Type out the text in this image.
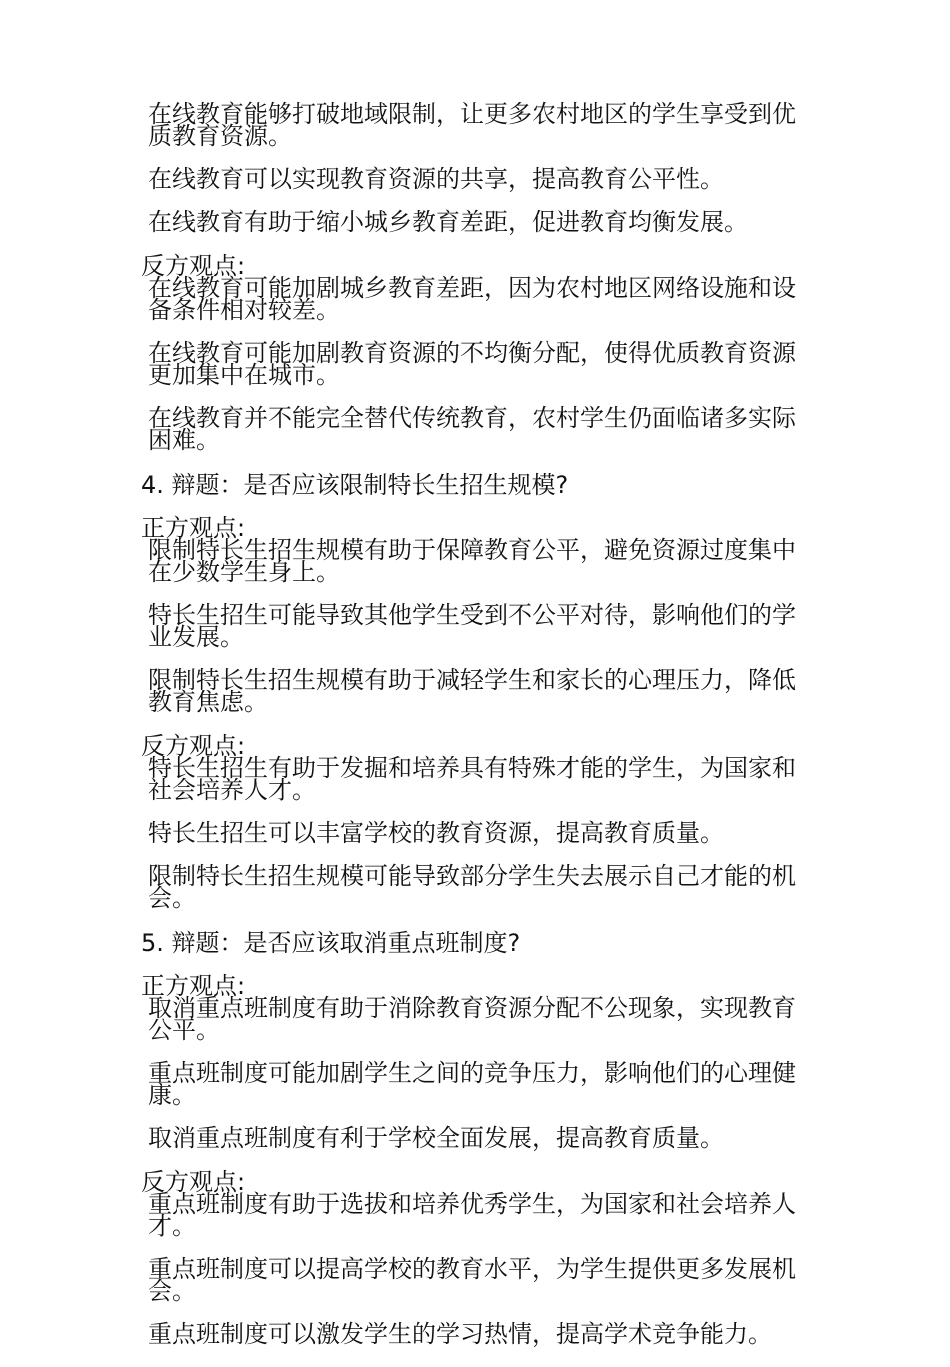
在线教育能够打破地域限制，让更多农村地区的学生享受到优质教育资源。
在线教育可以实现教育资源的共享，提高教育公平性。
在线教育有助于缩小城乡教育差距，促进教育均衡发展。
反方观点:
在线教育可能加剧城乡教育差距，因为农村地区网络设施和设备条件相对较差。
在线教育可能加剧教育资源的不均衡分配，使得优质教育资源更加集中在城市。
在线教育并不能完全替代传统教育，农村学生仍面临诸多实际困难。
4. 辩题：是否应该限制特长生招生规模?
正方观点:
限制特长生招生规模有助于保障教育公平，避免资源过度集中在少数学生身上。
特长生招生可能导致其他学生受到不公平对待，影响他们的学业发展。
限制特长生招生规模有助于减轻学生和家长的心理压力，降低教育焦虑。
反方观点:
特长生招生有助于发掘和培养具有特殊才能的学生，为国家和社会培养人才。
特长生招生可以丰富学校的教育资源，提高教育质量。
限制特长生招生规模可能导致部分学生失去展示自己才能的机会。
5. 辩题：是否应该取消重点班制度?
正方观点:
取消重点班制度有助于消除教育资源分配不公现象，实现教育公平。
重点班制度可能加剧学生之间的竞争压力，影响他们的心理健康。
取消重点班制度有利于学校全面发展，提高教育质量。
反方观点:
重点班制度有助于选拔和培养优秀学生，为国家和社会培养人才。
重点班制度可以提高学校的教育水平，为学生提供更多发展机会。
重点班制度可以激发学生的学习热情，提高学术竞争能力。
